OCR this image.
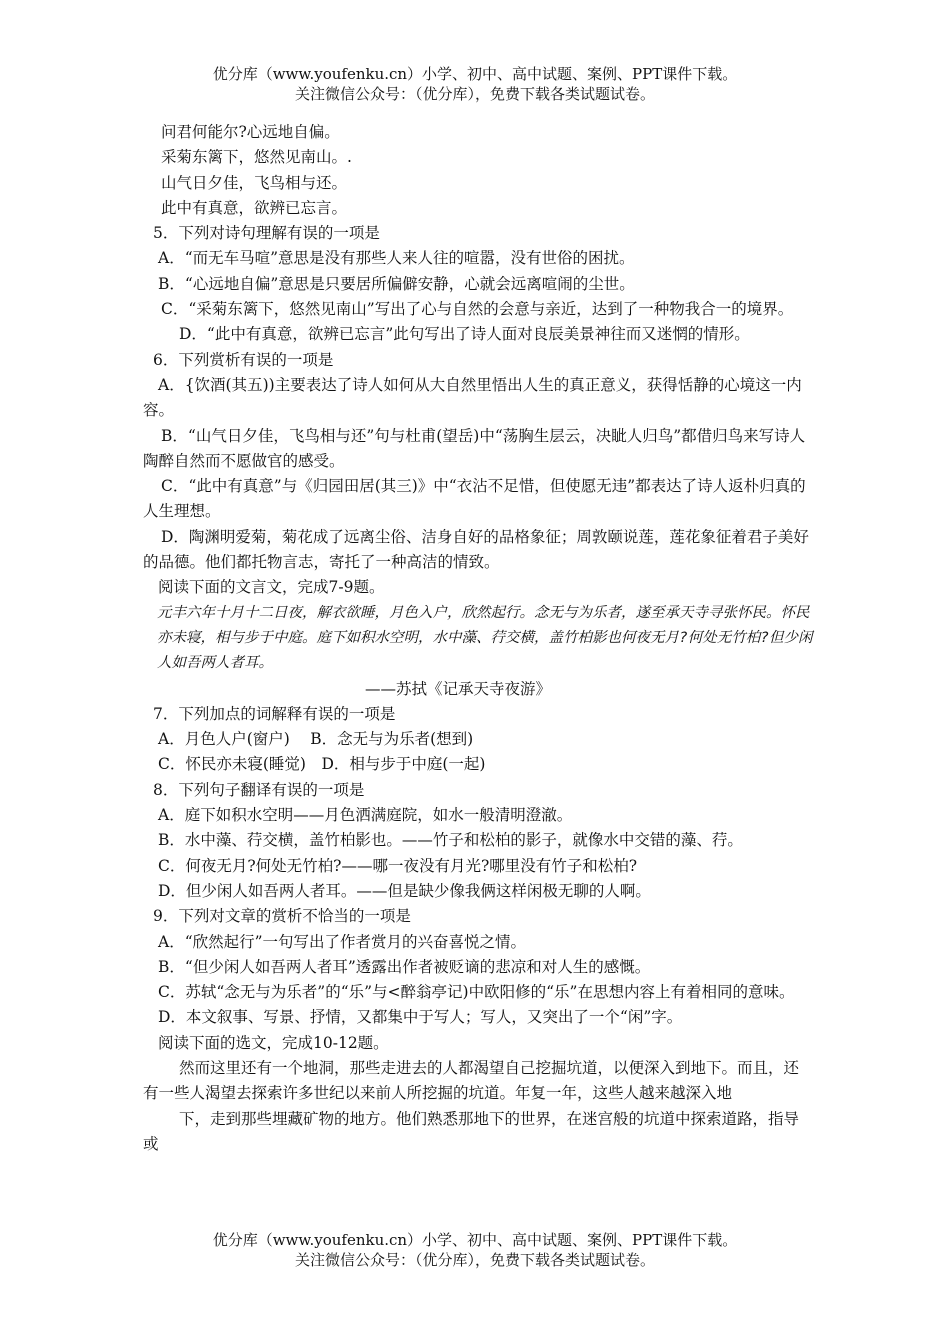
优分库（www.youfenku.cn）小学、初中、高中试题、案例、PPT课件下载。
关注微信公众号：（优分库），免费下载各类试题试卷。
问君何能尔?心远地自偏。
采菊东篱下，悠然见南山。.
山气日夕佳，飞鸟相与还。
此中有真意，欲辨已忘言。
5．下列对诗句理解有误的一项是
A．“而无车马喧”意思是没有那些人来人往的喧嚣，没有世俗的困扰。
B．“心远地自偏”意思是只要居所偏僻安静，心就会远离喧闹的尘世。
C．“采菊东篱下，悠然见南山”写出了心与自然的会意与亲近，达到了一种物我合一的境界。
D．“此中有真意，欲辨已忘言”此句写出了诗人面对良辰美景神往而又迷惘的情形。
6．下列赏析有误的一项是
A．{饮酒(其五))主要表达了诗人如何从大自然里悟出人生的真正意义，获得恬静的心境这一内容。
B．“山气日夕佳，飞鸟相与还”句与杜甫(望岳)中“荡胸生层云，决眦人归鸟”都借归鸟来写诗人陶醉自然而不愿做官的感受。
C．“此中有真意”与《归园田居(其三)》中“衣沾不足惜，但使愿无违”都表达了诗人返朴归真的人生理想。
D．陶渊明爱菊，菊花成了远离尘俗、洁身自好的品格象征；周敦颐说莲，莲花象征着君子美好的品德。他们都托物言志，寄托了一种高洁的情致。
阅读下面的文言文，完成7-9题。
元丰六年十月十二日夜，解衣欲睡，月色入户，欣然起行。念无与为乐者，遂至承天寺寻张怀民。怀民亦未寝，相与步于中庭。庭下如积水空明，水中藻、荇交横，盖竹柏影也何夜无月?何处无竹柏?但少闲人如吾两人者耳。
——苏拭《记承天寺夜游》
7．下列加点的词解释有误的一项是
A．月色人户(窗户)　 B．念无与为乐者(想到)
C．怀民亦未寝(睡觉)　D．相与步于中庭(一起)
8．下列句子翻译有误的一项是
A．庭下如积水空明——月色洒满庭院，如水一般清明澄澈。
B．水中藻、荇交横，盖竹柏影也。——竹子和松柏的影子，就像水中交错的藻、荇。
C．何夜无月?何处无竹柏?——哪一夜没有月光?哪里没有竹子和松柏?
D．但少闲人如吾两人者耳。——但是缺少像我俩这样闲极无聊的人啊。
9．下列对文章的赏析不恰当的一项是
A．“欣然起行”一句写出了作者赏月的兴奋喜悦之情。
B．“但少闲人如吾两人者耳”透露出作者被贬谪的悲凉和对人生的感慨。
C．苏轼“念无与为乐者”的“乐”与<醉翁亭记)中欧阳修的“乐”在思想内容上有着相同的意味。
D．本文叙事、写景、抒情，又都集中于写人；写人，又突出了一个“闲”字。
阅读下面的选文，完成10-12题。
然而这里还有一个地洞，那些走进去的人都渴望自己挖掘坑道，以便深入到地下。而且，还有一些人渴望去探索许多世纪以来前人所挖掘的坑道。年复一年，这些人越来越深入地
下，走到那些埋藏矿物的地方。他们熟悉那地下的世界，在迷宫般的坑道中探索道路，指导或
优分库（www.youfenku.cn）小学、初中、高中试题、案例、PPT课件下载。
关注微信公众号：（优分库），免费下载各类试题试卷。
